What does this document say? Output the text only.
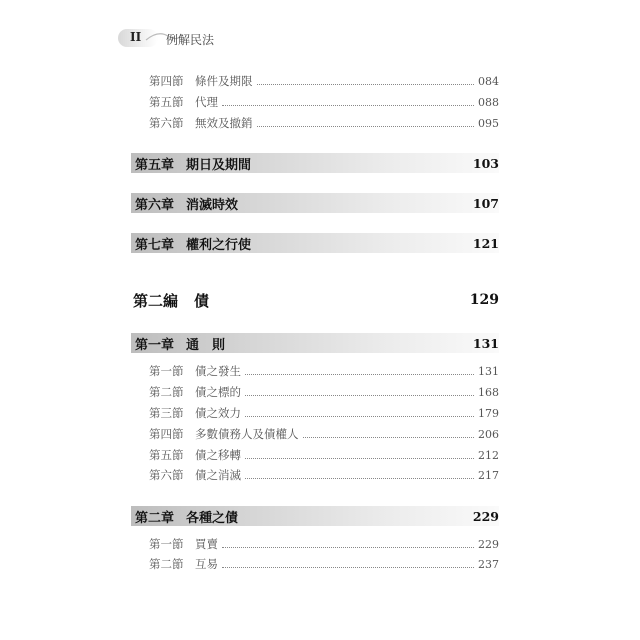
II 例解民法
第四節	條件及期限	084
第五節	代理	088
第六節	無效及撤銷	095
第五章 期日及期間	103
第六章 消滅時效	107
第七章 權利之行使	121
第二編 債	129
第一章 通　則	131
第一節	債之發生	131
第二節	債之標的	168
第三節	債之效力	179
第四節	多數債務人及債權人	206
第五節	債之移轉	212
第六節	債之消滅	217
第二章 各種之債	229
第一節	買賣	229
第二節	互易	237
